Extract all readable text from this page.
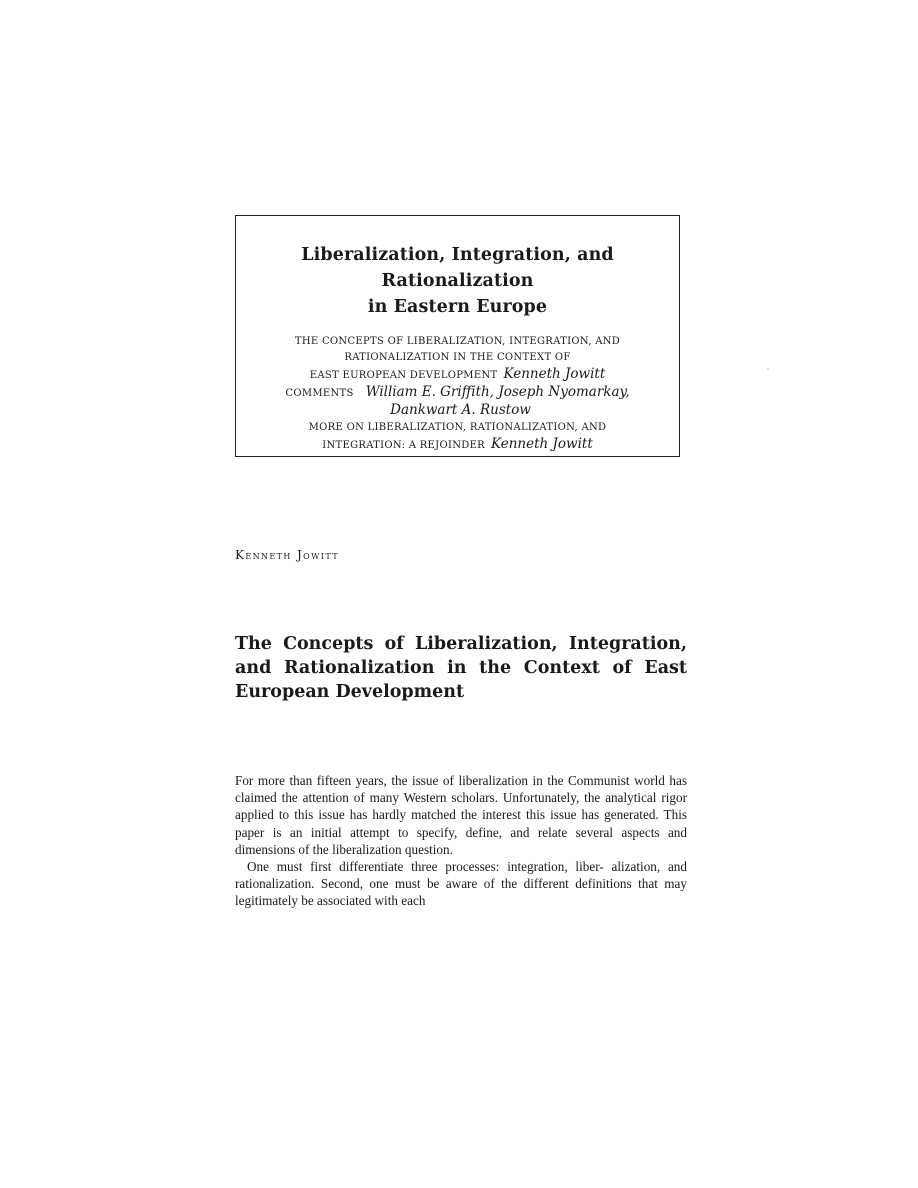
Liberalization, Integration, and Rationalization
in Eastern Europe
THE CONCEPTS OF LIBERALIZATION, INTEGRATION, AND
RATIONALIZATION IN THE CONTEXT OF
EAST EUROPEAN DEVELOPMENT Kenneth Jowitt
COMMENTS William E. Griffith, Joseph Nyomarkay,
Dankwart A. Rustow
MORE ON LIBERALIZATION, RATIONALIZATION, AND
INTEGRATION: A REJOINDER Kenneth Jowitt
Kenneth Jowitt
The Concepts of Liberalization, Integration, and Rationalization in the Context of East European Development

For more than fifteen years, the issue of liberalization in the Communist world has claimed the attention of many Western scholars. Unfortunately, the analytical rigor applied to this issue has hardly matched the interest this issue has generated. This paper is an initial attempt to specify, define, and relate several aspects and dimensions of the liberalization question.

One must first differentiate three processes: integration, liber- alization, and rationalization. Second, one must be aware of the different definitions that may legitimately be associated with each
